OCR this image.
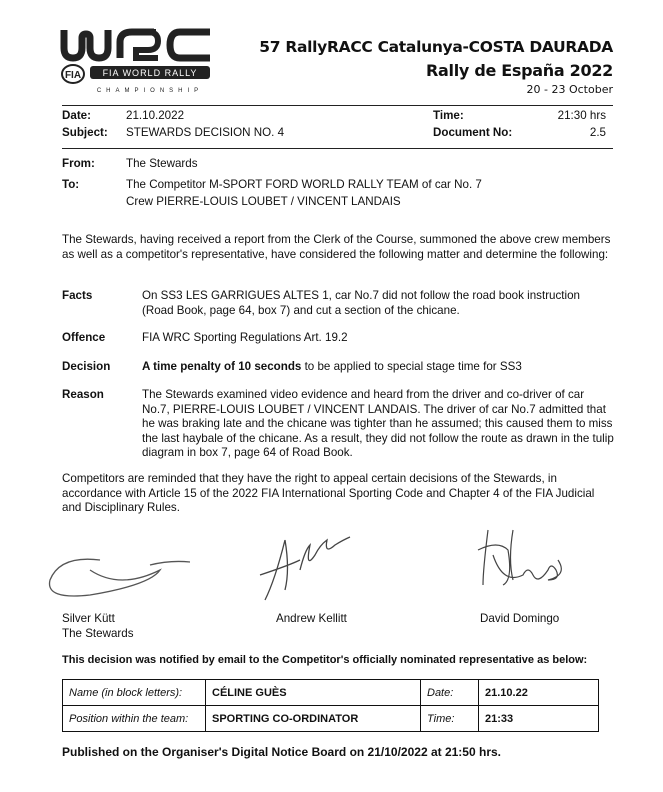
FIA FIA WORLD RALLY
CHAMPIONSHIP
57 RallyRACC Catalunya-COSTA DAURADA
Rally de España 2022
20 - 23 October
Date:	21.10.2022
Subject: STEWARDS DECISION NO. 4
Time:	21:30 hrs
Document No:	2.5
From:	The Stewards
To:	The Competitor M-SPORT FORD WORLD RALLY TEAM of car No. 7
Crew PIERRE-LOUIS LOUBET / VINCENT LANDAIS
The Stewards, having received a report from the Clerk of the Course, summoned the above crew members as well as a competitor's representative, have considered the following matter and determine the following:
Facts	On SS3 LES GARRIGUES ALTES 1, car No.7 did not follow the road book instruction (Road Book, page 64, box 7) and cut a section of the chicane.
Offence	FIA WRC Sporting Regulations Art. 19.2
Decision	A time penalty of 10 seconds to be applied to special stage time for SS3
Reason	The Stewards examined video evidence and heard from the driver and co-driver of car No.7, PIERRE-LOUIS LOUBET / VINCENT LANDAIS. The driver of car No.7 admitted that he was braking late and the chicane was tighter than he assumed; this caused them to miss the last haybale of the chicane. As a result, they did not follow the route as drawn in the tulip diagram in box 7, page 64 of Road Book.
Competitors are reminded that they have the right to appeal certain decisions of the Stewards, in accordance with Article 15 of the 2022 FIA International Sporting Code and Chapter 4 of the FIA Judicial and Disciplinary Rules.
Silver Kütt
The Stewards
Andrew Kellitt	David Domingo
This decision was notified by email to the Competitor's officially nominated representative as below:
Name (in block letters):	CÉLINE GUÈS	Date:	21.10.22
Position within the team:	SPORTING CO-ORDINATOR	Time:	21:33
Published on the Organiser's Digital Notice Board on 21/10/2022 at 21:50 hrs.
